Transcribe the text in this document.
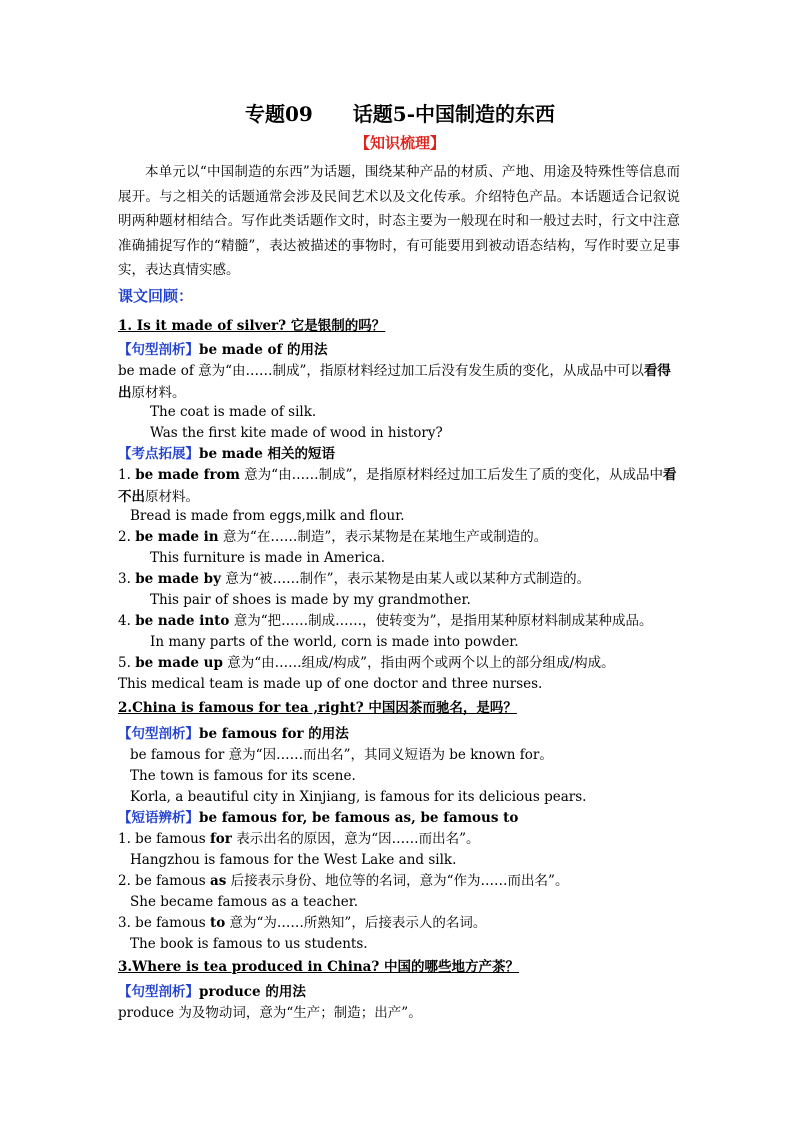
专题09　　话题5-中国制造的东西
【知识梳理】
本单元以“中国制造的东西”为话题，围绕某种产品的材质、产地、用途及特殊性等信息而展开。与之相关的话题通常会涉及民间艺术以及文化传承。介绍特色产品。本话题适合记叙说明两种题材相结合。写作此类话题作文时，时态主要为一般现在时和一般过去时，行文中注意准确捕捉写作的“精髓”，表达被描述的事物时，有可能要用到被动语态结构，写作时要立足事实，表达真情实感。
课文回顾：
1. Is it made of silver? 它是银制的吗？
【句型剖析】be made of 的用法
be made of 意为“由……制成”，指原材料经过加工后没有发生质的变化，从成品中可以看得出原材料。
The coat is made of silk.
Was the first kite made of wood in history?
【考点拓展】be made 相关的短语
1. be made from 意为“由……制成”，是指原材料经过加工后发生了质的变化，从成品中看不出原材料。
Bread is made from eggs,milk and flour.
2. be made in 意为“在……制造”，表示某物是在某地生产或制造的。
This furniture is made in America.
3. be made by 意为“被……制作”，表示某物是由某人或以某种方式制造的。
This pair of shoes is made by my grandmother.
4. be nade into 意为“把……制成……，使转变为”，是指用某种原材料制成某种成品。
In many parts of the world, corn is made into powder.
5. be made up 意为“由……组成/构成”，指由两个或两个以上的部分组成/构成。
This medical team is made up of one doctor and three nurses.
2.China is famous for tea ,right? 中国因茶而驰名，是吗？
【句型剖析】be famous for 的用法
be famous for 意为“因……而出名”，其同义短语为 be known for。
The town is famous for its scene.
Korla, a beautiful city in Xinjiang, is famous for its delicious pears.
【短语辨析】be famous for, be famous as, be famous to
1. be famous for 表示出名的原因，意为“因……而出名”。
Hangzhou is famous for the West Lake and silk.
2. be famous as 后接表示身份、地位等的名词，意为“作为……而出名”。
She became famous as a teacher.
3. be famous to 意为“为……所熟知”，后接表示人的名词。
The book is famous to us students.
3.Where is tea produced in China? 中国的哪些地方产茶？
【句型剖析】produce 的用法
produce 为及物动词，意为“生产；制造；出产”。
